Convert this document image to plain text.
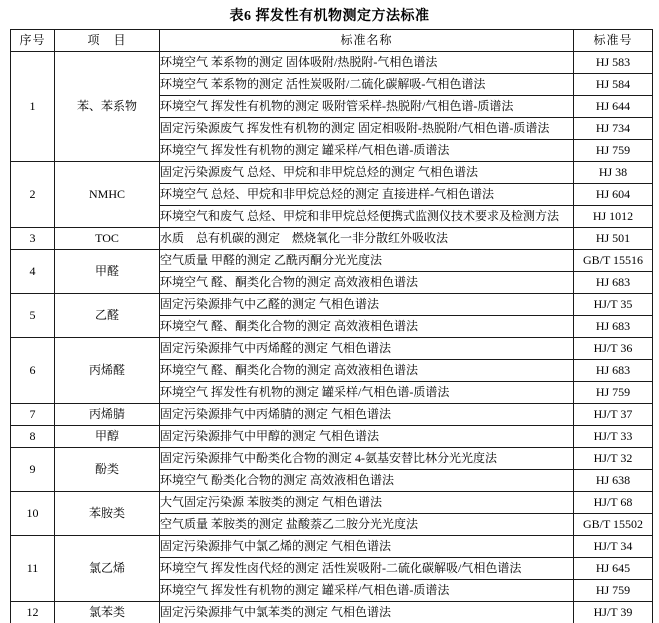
表6 挥发性有机物测定方法标准
序号	项　目	标准名称	标准号
1	苯、苯系物	环境空气 苯系物的测定 固体吸附/热脱附-气相色谱法	HJ 583
		环境空气 苯系物的测定 活性炭吸附/二硫化碳解吸-气相色谱法	HJ 584
		环境空气 挥发性有机物的测定 吸附管采样-热脱附/气相色谱-质谱法	HJ 644
		固定污染源废气 挥发性有机物的测定 固定相吸附-热脱附/气相色谱-质谱法	HJ 734
		环境空气 挥发性有机物的测定 罐采样/气相色谱-质谱法	HJ 759
2	NMHC	固定污染源废气 总烃、甲烷和非甲烷总烃的测定 气相色谱法	HJ 38
		环境空气 总烃、甲烷和非甲烷总烃的测定 直接进样-气相色谱法	HJ 604
		环境空气和废气 总烃、甲烷和非甲烷总烃便携式监测仪技术要求及检测方法	HJ 1012
3	TOC	水质　总有机碳的测定　燃烧氧化一非分散红外吸收法	HJ 501
4	甲醛	空气质量 甲醛的测定 乙酰丙酮分光光度法	GB/T 15516
		环境空气 醛、酮类化合物的测定 高效液相色谱法	HJ 683
5	乙醛	固定污染源排气中乙醛的测定 气相色谱法	HJ/T 35
		环境空气 醛、酮类化合物的测定 高效液相色谱法	HJ 683
6	丙烯醛	固定污染源排气中丙烯醛的测定 气相色谱法	HJ/T 36
		环境空气 醛、酮类化合物的测定 高效液相色谱法	HJ 683
		环境空气 挥发性有机物的测定 罐采样/气相色谱-质谱法	HJ 759
7	丙烯腈	固定污染源排气中丙烯腈的测定 气相色谱法	HJ/T 37
8	甲醇	固定污染源排气中甲醇的测定 气相色谱法	HJ/T 33
9	酚类	固定污染源排气中酚类化合物的测定 4-氨基安替比林分光光度法	HJ/T 32
		环境空气 酚类化合物的测定 高效液相色谱法	HJ 638
10	苯胺类	大气固定污染源 苯胺类的测定 气相色谱法	HJ/T 68
		空气质量 苯胺类的测定 盐酸萘乙二胺分光光度法	GB/T 15502
11	氯乙烯	固定污染源排气中氯乙烯的测定 气相色谱法	HJ/T 34
		环境空气 挥发性卤代烃的测定 活性炭吸附-二硫化碳解吸/气相色谱法	HJ 645
		环境空气 挥发性有机物的测定 罐采样/气相色谱-质谱法	HJ 759
12	氯苯类	固定污染源排气中氯苯类的测定 气相色谱法	HJ/T 39
